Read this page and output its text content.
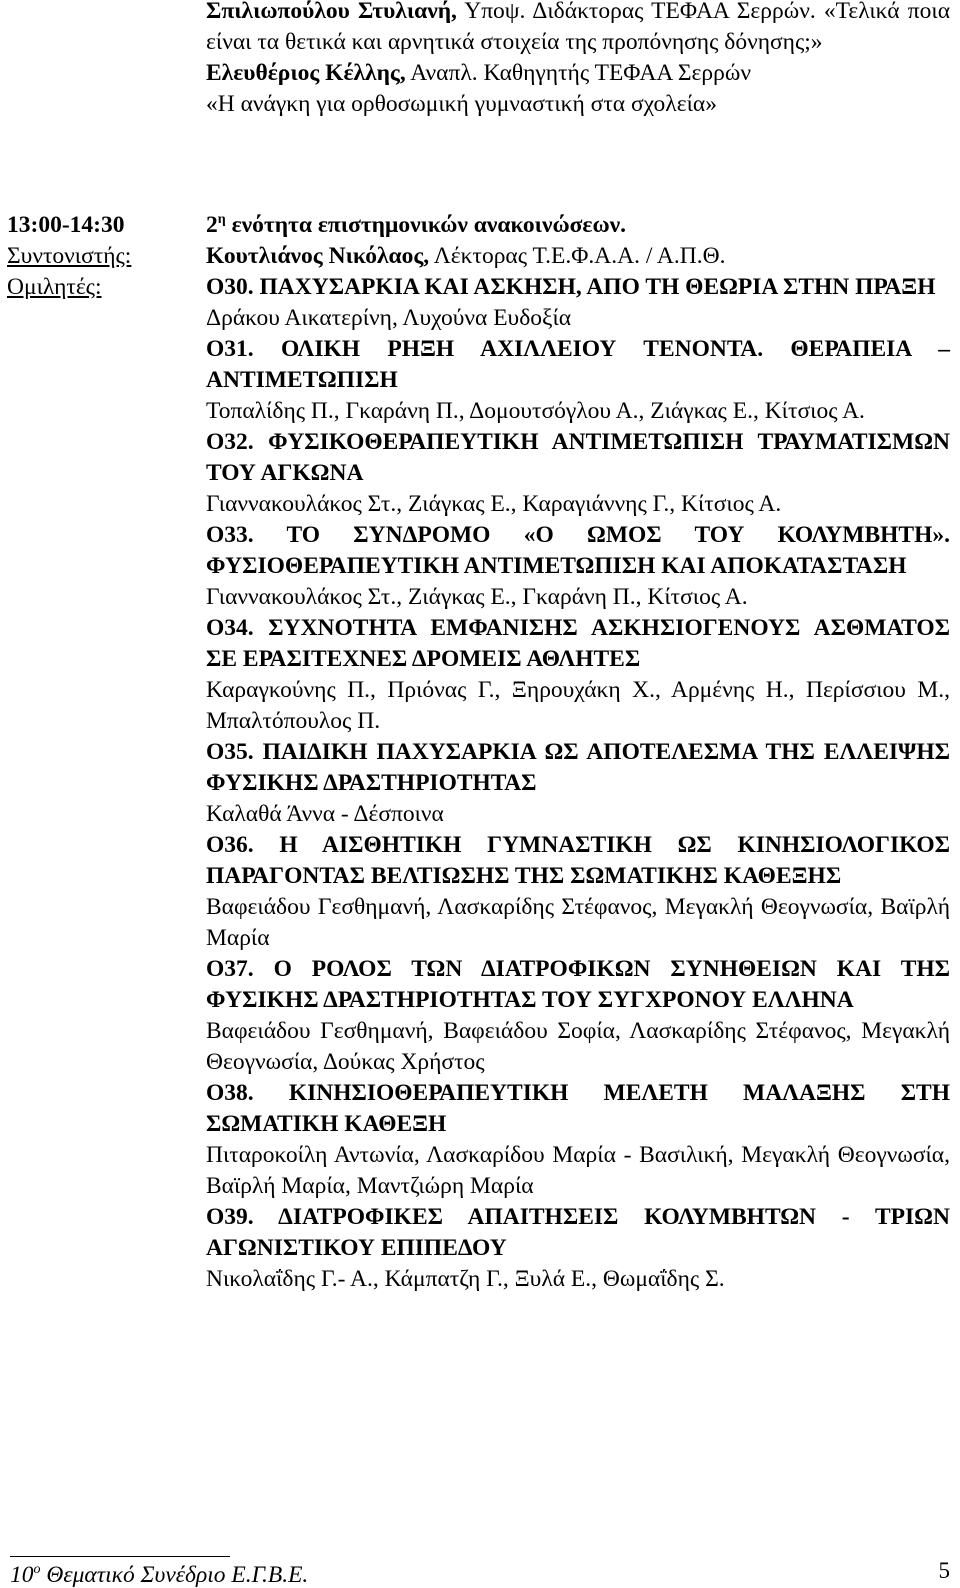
Σπιλιωπούλου Στυλιανή, Υποψ. Διδάκτορας ΤΕΦΑΑ Σερρών. «Τελικά ποια είναι τα θετικά και αρνητικά στοιχεία της προπόνησης δόνησης;»
Ελευθέριος Κέλλης, Αναπλ. Καθηγητής ΤΕΦΑΑ Σερρών
«Η ανάγκη για ορθοσωμική γυμναστική στα σχολεία»
13:00-14:30
Συντονιστής:
Ομιλητές:
$2^\eta$ ενότητα επιστημονικών ανακοινώσεων.
Κουτλιάνος Νικόλαος, Λέκτορας Τ.Ε.Φ.Α.Α. / Α.Π.Θ.
Ο30. ΠΑΧΥΣΑΡΚΙΑ ΚΑΙ ΑΣΚΗΣΗ, ΑΠΟ ΤΗ ΘΕΩΡΙΑ ΣΤΗΝ ΠΡΑΞΗ
Δράκου Αικατερίνη, Λυχούνα Ευδοξία
Ο31. ΟΛΙΚΗ ΡΗΞΗ ΑΧΙΛΛΕΙΟΥ ΤΕΝΟΝΤΑ. ΘΕΡΑΠΕΙΑ – ΑΝΤΙΜΕΤΩΠΙΣΗ
Τοπαλίδης Π., Γκαράνη Π., Δομουτσόγλου Α., Ζιάγκας Ε., Κίτσιος Α.
Ο32. ΦΥΣΙΚΟΘΕΡΑΠΕΥΤΙΚΗ ΑΝΤΙΜΕΤΩΠΙΣΗ ΤΡΑΥΜΑΤΙΣΜΩΝ ΤΟΥ ΑΓΚΩΝΑ
Γιαννακουλάκος Στ., Ζιάγκας Ε., Καραγιάννης Γ., Κίτσιος Α.
Ο33. ΤΟ ΣΥΝΔΡΟΜΟ «Ο ΩΜΟΣ ΤΟΥ ΚΟΛΥΜΒΗΤΗ». ΦΥΣΙΟΘΕΡΑΠΕΥΤΙΚΗ ΑΝΤΙΜΕΤΩΠΙΣΗ ΚΑΙ ΑΠΟΚΑΤΑΣΤΑΣΗ
Γιαννακουλάκος Στ., Ζιάγκας Ε., Γκαράνη Π., Κίτσιος Α.
Ο34. ΣΥΧΝΟΤΗΤΑ ΕΜΦΑΝΙΣΗΣ ΑΣΚΗΣΙΟΓΕΝΟΥΣ ΑΣΘΜΑΤΟΣ ΣΕ ΕΡΑΣΙΤΕΧΝΕΣ ΔΡΟΜΕΙΣ ΑΘΛΗΤΕΣ
Καραγκούνης Π., Πριόνας Γ., Ξηρουχάκη Χ., Αρμένης Η., Περίσσιου Μ., Μπαλτόπουλος Π.
Ο35. ΠΑΙΔΙΚΗ ΠΑΧΥΣΑΡΚΙΑ ΩΣ ΑΠΟΤΕΛΕΣΜΑ ΤΗΣ ΕΛΛΕΙΨΗΣ ΦΥΣΙΚΗΣ ΔΡΑΣΤΗΡΙΟΤΗΤΑΣ
Καλαθά Άννα - Δέσποινα
Ο36. Η ΑΙΣΘΗΤΙΚΗ ΓΥΜΝΑΣΤΙΚΗ ΩΣ ΚΙΝΗΣΙΟΛΟΓΙΚΟΣ ΠΑΡΑΓΟΝΤΑΣ ΒΕΛΤΙΩΣΗΣ ΤΗΣ ΣΩΜΑΤΙΚΗΣ ΚΑΘΕΞΗΣ
Βαφειάδου Γεσθημανή, Λασκαρίδης Στέφανος, Μεγακλή Θεογνωσία, Βαϊρλή Μαρία
Ο37. Ο ΡΟΛΟΣ ΤΩΝ ΔΙΑΤΡΟΦΙΚΩΝ ΣΥΝΗΘΕΙΩΝ ΚΑΙ ΤΗΣ ΦΥΣΙΚΗΣ ΔΡΑΣΤΗΡΙΟΤΗΤΑΣ ΤΟΥ ΣΥΓΧΡΟΝΟΥ ΕΛΛΗΝΑ
Βαφειάδου Γεσθημανή, Βαφειάδου Σοφία, Λασκαρίδης Στέφανος, Μεγακλή Θεογνωσία, Δούκας Χρήστος
Ο38. ΚΙΝΗΣΙΟΘΕΡΑΠΕΥΤΙΚΗ ΜΕΛΕΤΗ ΜΑΛΑΞΗΣ ΣΤΗ ΣΩΜΑΤΙΚΗ ΚΑΘΕΞΗ
Πιταροκοίλη Αντωνία, Λασκαρίδου Μαρία - Βασιλική, Μεγακλή Θεογνωσία, Βαϊρλή Μαρία, Μαντζιώρη Μαρία
Ο39. ΔΙΑΤΡΟΦΙΚΕΣ ΑΠΑΙΤΗΣΕΙΣ ΚΟΛΥΜΒΗΤΩΝ - ΤΡΙΩΝ ΑΓΩΝΙΣΤΙΚΟΥ ΕΠΙΠΕΔΟΥ
Νικολαΐδης Γ.- Α., Κάμπατζη Γ., Ξυλά Ε., Θωμαΐδης Σ.
$10^o$ Θεματικό Συνέδριο Ε.Γ.Β.Ε.	5
